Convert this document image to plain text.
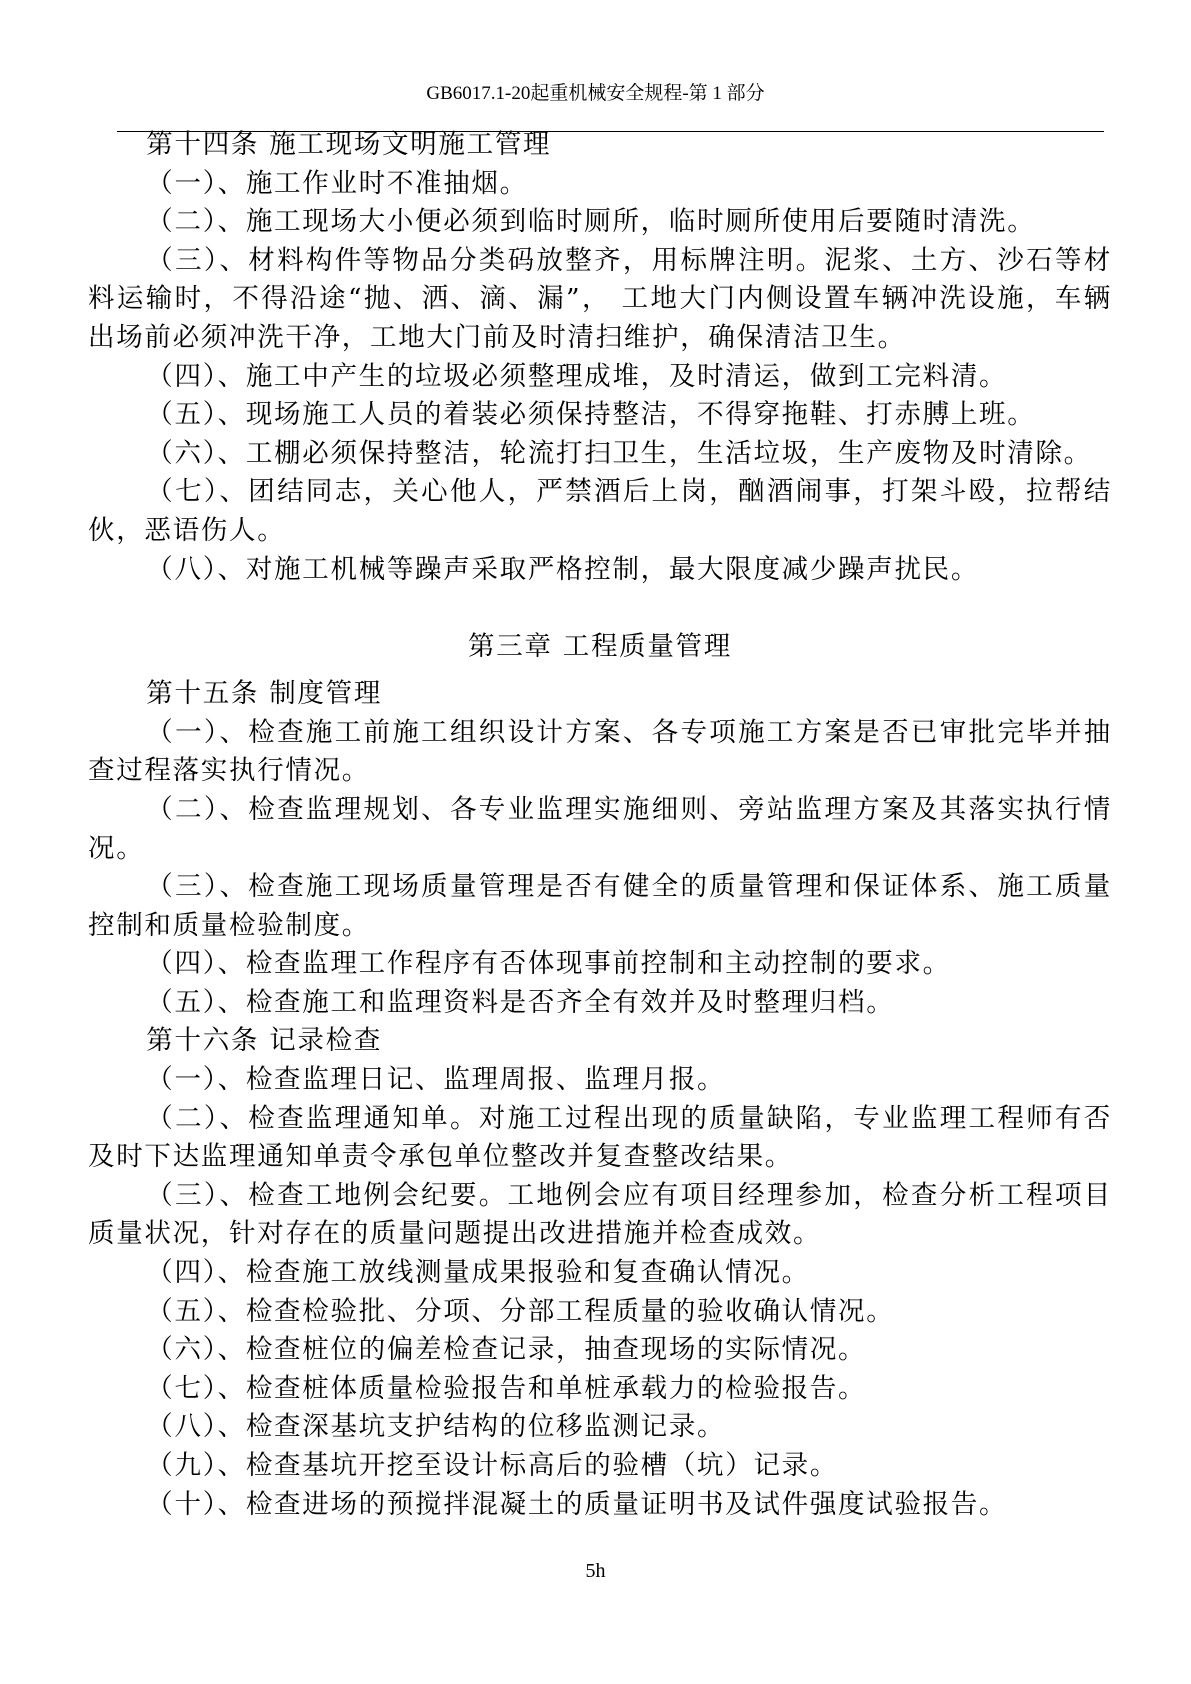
GB6017.1-20起重机械安全规程-第 1 部分

第十四条 施工现场文明施工管理

（一）、施工作业时不准抽烟。

（二）、施工现场大小便必须到临时厕所，临时厕所使用后要随时清洗。

（三）、材料构件等物品分类码放整齐，用标牌注明。泥浆、土方、沙石等材料运输时，不得沿途“抛、洒、滴、漏”， 工地大门内侧设置车辆冲洗设施，车辆出场前必须冲洗干净，工地大门前及时清扫维护，确保清洁卫生。

（四）、施工中产生的垃圾必须整理成堆，及时清运，做到工完料清。

（五）、现场施工人员的着装必须保持整洁，不得穿拖鞋、打赤膊上班。

（六）、工棚必须保持整洁，轮流打扫卫生，生活垃圾，生产废物及时清除。

（七）、团结同志，关心他人，严禁酒后上岗，酗酒闹事，打架斗殴，拉帮结伙，恶语伤人。

（八）、对施工机械等躁声采取严格控制，最大限度减少躁声扰民。

第三章 工程质量管理

第十五条 制度管理

（一）、检查施工前施工组织设计方案、各专项施工方案是否已审批完毕并抽查过程落实执行情况。

（二）、检查监理规划、各专业监理实施细则、旁站监理方案及其落实执行情况。

（三）、检查施工现场质量管理是否有健全的质量管理和保证体系、施工质量控制和质量检验制度。

（四）、检查监理工作程序有否体现事前控制和主动控制的要求。

（五）、检查施工和监理资料是否齐全有效并及时整理归档。

第十六条 记录检查

（一）、检查监理日记、监理周报、监理月报。

（二）、检查监理通知单。对施工过程出现的质量缺陷，专业监理工程师有否及时下达监理通知单责令承包单位整改并复查整改结果。

（三）、检查工地例会纪要。工地例会应有项目经理参加，检查分析工程项目质量状况，针对存在的质量问题提出改进措施并检查成效。

（四）、检查施工放线测量成果报验和复查确认情况。

（五）、检查检验批、分项、分部工程质量的验收确认情况。

（六）、检查桩位的偏差检查记录，抽查现场的实际情况。

（七）、检查桩体质量检验报告和单桩承载力的检验报告。

（八）、检查深基坑支护结构的位移监测记录。

（九）、检查基坑开挖至设计标高后的验槽（坑）记录。

（十）、检查进场的预搅拌混凝土的质量证明书及试件强度试验报告。

5h
